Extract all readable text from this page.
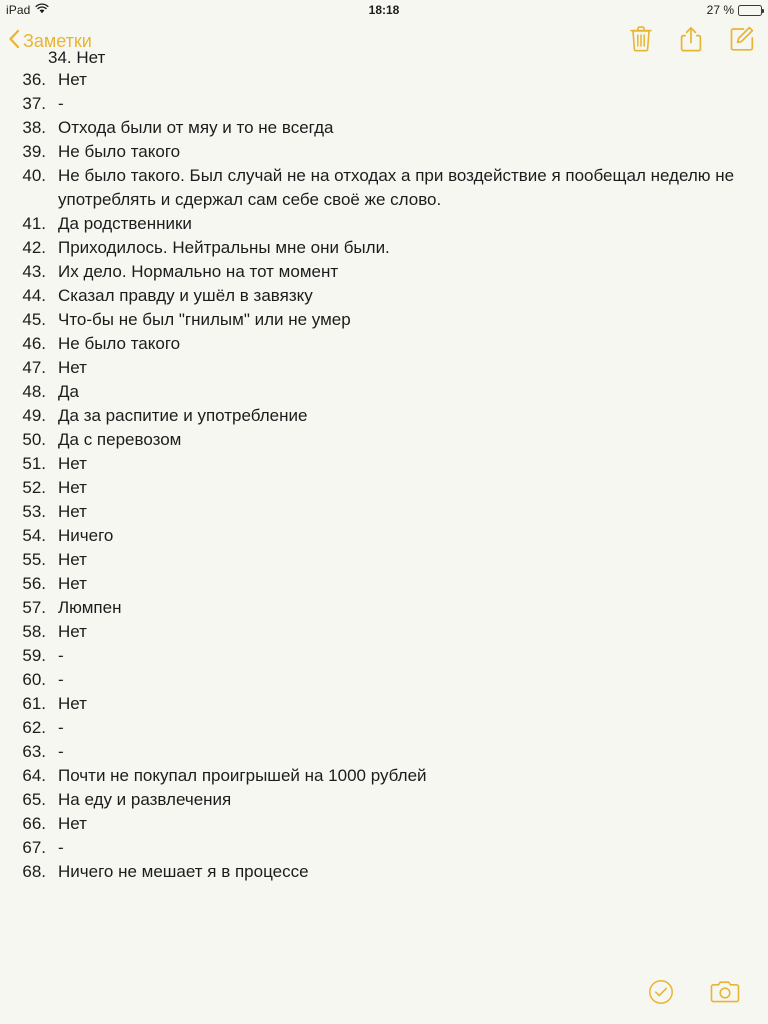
iPad	18:18	27 %
Заметки
34. Нет
36. Нет
37. -
38. Отхода были от мяу и то не всегда
39. Не было такого
40. Не было такого. Был случай не на отходах а при воздействие я пообещал неделю не употреблять и сдержал сам себе своё же слово.
41. Да родственники
42. Приходилось. Нейтральны мне они были.
43. Их дело. Нормально на тот момент
44. Сказал правду и ушёл в завязку
45. Что-бы не был "гнилым" или не умер
46. Не было такого
47. Нет
48. Да
49. Да за распитие и употребление
50. Да с перевозом
51. Нет
52. Нет
53. Нет
54. Ничего
55. Нет
56. Нет
57. Люмпен
58. Нет
59. -
60. -
61. Нет
62. -
63. -
64. Почти не покупал проигрышей на 1000 рублей
65. На еду и развлечения
66. Нет
67. -
68. Ничего не мешает я в процессе
